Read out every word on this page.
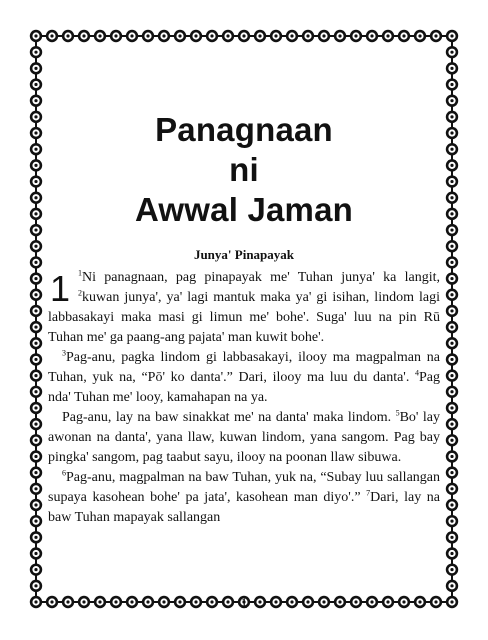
Panagnaan
ni
Awwal Jaman
Junya' Pinapayak

1 $^1$Ni panagnaan, pag pinapayak me' Tuhan junya' ka langit, $^2$kuwan junya', ya' lagi mantuk maka ya' gi isihan, lindom lagi labbasakayi maka masi gi limun me' bohe'. Suga' luu na pin Rū Tuhan me' ga paang-ang pajata' man kuwit bohe'.

$^3$Pag-anu, pagka lindom gi labbasakayi, ilooy ma magpalman na Tuhan, yuk na, “Pō' ko danta'.” Dari, ilooy ma luu du danta'. $^4$Pag nda' Tuhan me' looy, kamahapan na ya.

Pag-anu, lay na baw sinakkat me' na danta' maka lindom. $^5$Bo' lay awonan na danta', yana llaw, kuwan lindom, yana sangom. Pag bay pingka' sangom, pag taabut sayu, ilooy na poonan llaw sibuwa.

$^6$Pag-anu, magpalman na baw Tuhan, yuk na, “Subay luu sallangan supaya kasohean bohe' pa jata', kasohean man diyo'.” $^7$Dari, lay na baw Tuhan mapayak sallangan

1
